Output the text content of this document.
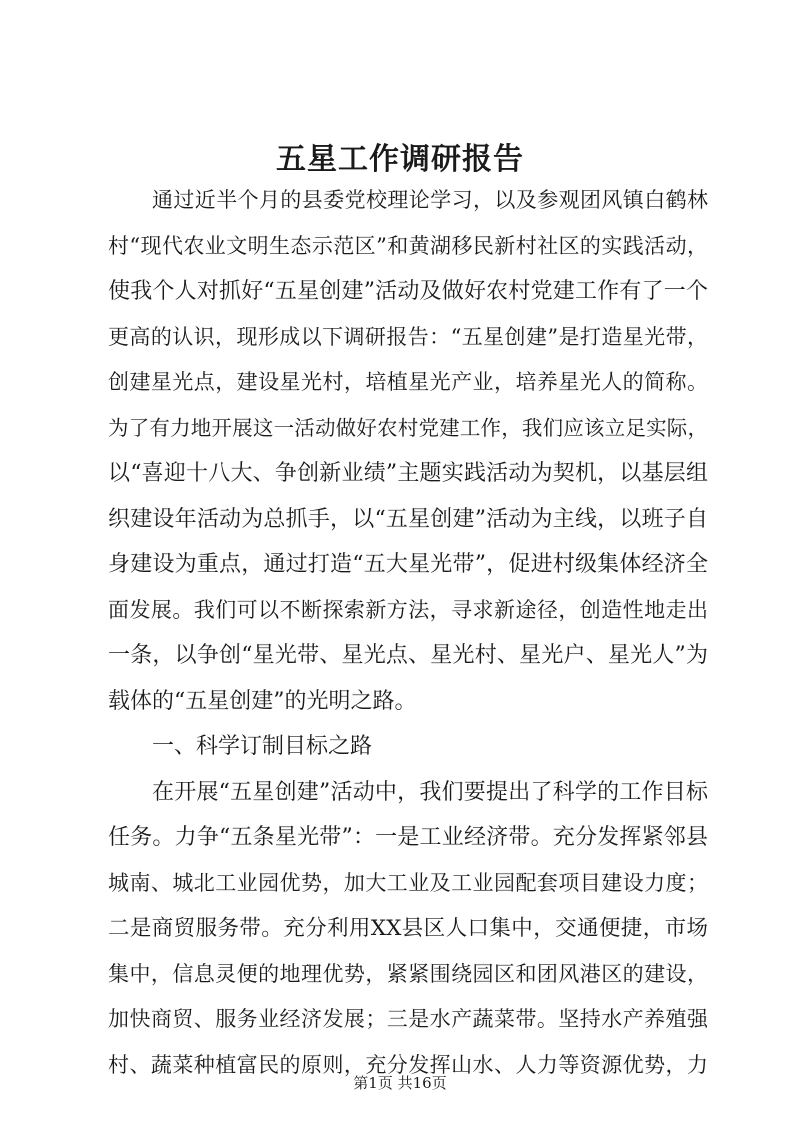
五星工作调研报告
通过近半个月的县委党校理论学习，以及参观团风镇白鹤林
村“现代农业文明生态示范区”和黄湖移民新村社区的实践活动，
使我个人对抓好“五星创建”活动及做好农村党建工作有了一个
更高的认识，现形成以下调研报告：“五星创建”是打造星光带，
创建星光点，建设星光村，培植星光产业，培养星光人的简称。
为了有力地开展这一活动做好农村党建工作，我们应该立足实际，
以“喜迎十八大、争创新业绩”主题实践活动为契机，以基层组
织建设年活动为总抓手，以“五星创建”活动为主线，以班子自
身建设为重点，通过打造“五大星光带”，促进村级集体经济全
面发展。我们可以不断探索新方法，寻求新途径，创造性地走出
一条，以争创“星光带、星光点、星光村、星光户、星光人”为
载体的“五星创建”的光明之路。
一、科学订制目标之路
在开展“五星创建”活动中，我们要提出了科学的工作目标
任务。力争“五条星光带”：一是工业经济带。充分发挥紧邻县
城南、城北工业园优势，加大工业及工业园配套项目建设力度；
二是商贸服务带。充分利用XX县区人口集中，交通便捷，市场
集中，信息灵便的地理优势，紧紧围绕园区和团风港区的建设，
加快商贸、服务业经济发展；三是水产蔬菜带。坚持水产养殖强
村、蔬菜种植富民的原则，充分发挥山水、人力等资源优势，力
第1页 共16页
